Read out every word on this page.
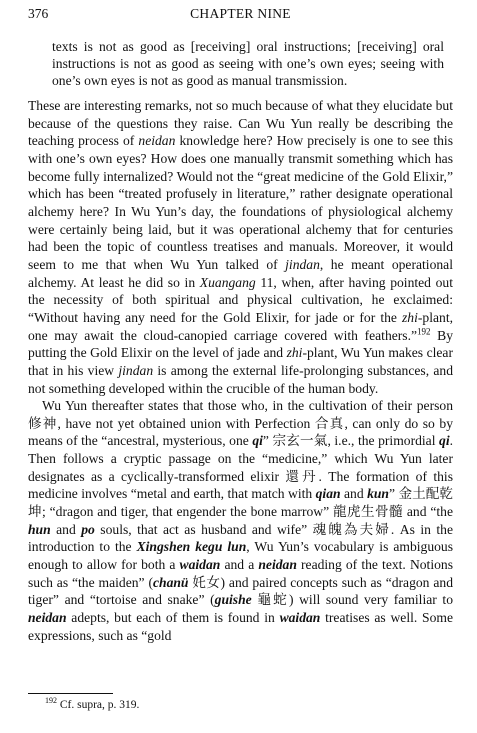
376	CHAPTER NINE
texts is not as good as [receiving] oral instructions; [receiving] oral instructions is not as good as seeing with one’s own eyes; seeing with one’s own eyes is not as good as manual transmission.

These are interesting remarks, not so much because of what they elucidate but because of the questions they raise. Can Wu Yun really be describing the teaching process of neidan knowledge here? How precisely is one to see this with one’s own eyes? How does one manually transmit something which has become fully internalized? Would not the “great medicine of the Gold Elixir,” which has been “treated profusely in literature,” rather designate operational alchemy here? In Wu Yun’s day, the foundations of physiological alchemy were certainly being laid, but it was operational alchemy that for centuries had been the topic of countless treatises and manuals. Moreover, it would seem to me that when Wu Yun talked of jindan, he meant operational alchemy. At least he did so in Xuangang 11, when, after having pointed out the necessity of both spiritual and physical cultivation, he exclaimed: “Without having any need for the Gold Elixir, for jade or for the zhi-plant, one may await the cloud-canopied carriage covered with feathers.”$^{192}$ By putting the Gold Elixir on the level of jade and zhi-plant, Wu Yun makes clear that in his view jindan is among the external life-prolonging substances, and not something developed within the crucible of the human body.

Wu Yun thereafter states that those who, in the cultivation of their person 修神, have not yet obtained union with Perfection 合真, can only do so by means of the “ancestral, mysterious, one qi” 宗玄一氣, i.e., the primordial qi. Then follows a cryptic passage on the “medicine,” which Wu Yun later designates as a cyclically-transformed elixir 還丹. The formation of this medicine involves “metal and earth, that match with qian and kun” 金土配乾坤; “dragon and tiger, that engender the bone marrow” 龍虎生骨髓 and “the hun and po souls, that act as husband and wife” 魂魄為夫婦. As in the introduction to the Xingshen kegu lun, Wu Yun’s vocabulary is ambiguous enough to allow for both a waidan and a neidan reading of the text. Notions such as “the maiden” (chanü 奼女) and paired concepts such as “dragon and tiger” and “tortoise and snake” (guishe 龜蛇) will sound very familiar to neidan adepts, but each of them is found in waidan treatises as well. Some expressions, such as “gold

$^{192}$ Cf. supra, p. 319.
